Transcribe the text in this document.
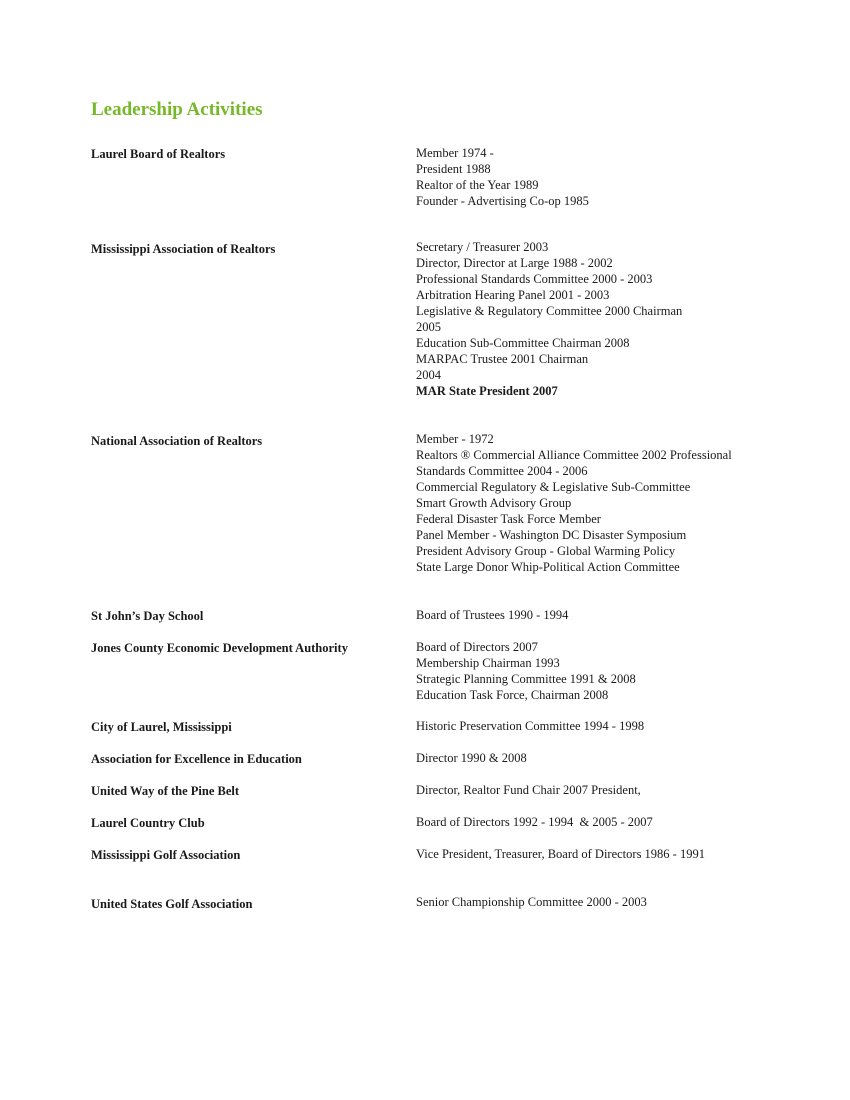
Leadership Activities
Laurel Board of Realtors	Member 1974 -
President 1988
Realtor of the Year 1989
Founder - Advertising Co-op 1985
Mississippi Association of Realtors	Secretary / Treasurer 2003
Director, Director at Large 1988 - 2002
Professional Standards Committee 2000 - 2003
Arbitration Hearing Panel 2001 - 2003
Legislative & Regulatory Committee 2000 Chairman
2005
Education Sub-Committee Chairman 2008
MARPAC Trustee 2001 Chairman
2004
MAR State President 2007
National Association of Realtors	Member - 1972
Realtors ® Commercial Alliance Committee 2002 Professional
Standards Committee 2004 - 2006
Commercial Regulatory & Legislative Sub-Committee
Smart Growth Advisory Group
Federal Disaster Task Force Member
Panel Member - Washington DC Disaster Symposium
President Advisory Group - Global Warming Policy
State Large Donor Whip-Political Action Committee
St John’s Day School	Board of Trustees 1990 - 1994
Jones County Economic Development Authority	Board of Directors 2007
Membership Chairman 1993
Strategic Planning Committee 1991 & 2008
Education Task Force, Chairman 2008
City of Laurel, Mississippi	Historic Preservation Committee 1994 - 1998
Association for Excellence in Education	Director 1990 & 2008
United Way of the Pine Belt	Director, Realtor Fund Chair 2007 President,
Laurel Country Club	Board of Directors 1992 - 1994  & 2005 - 2007
Mississippi Golf Association	Vice President, Treasurer, Board of Directors 1986 - 1991
United States Golf Association	Senior Championship Committee 2000 - 2003
